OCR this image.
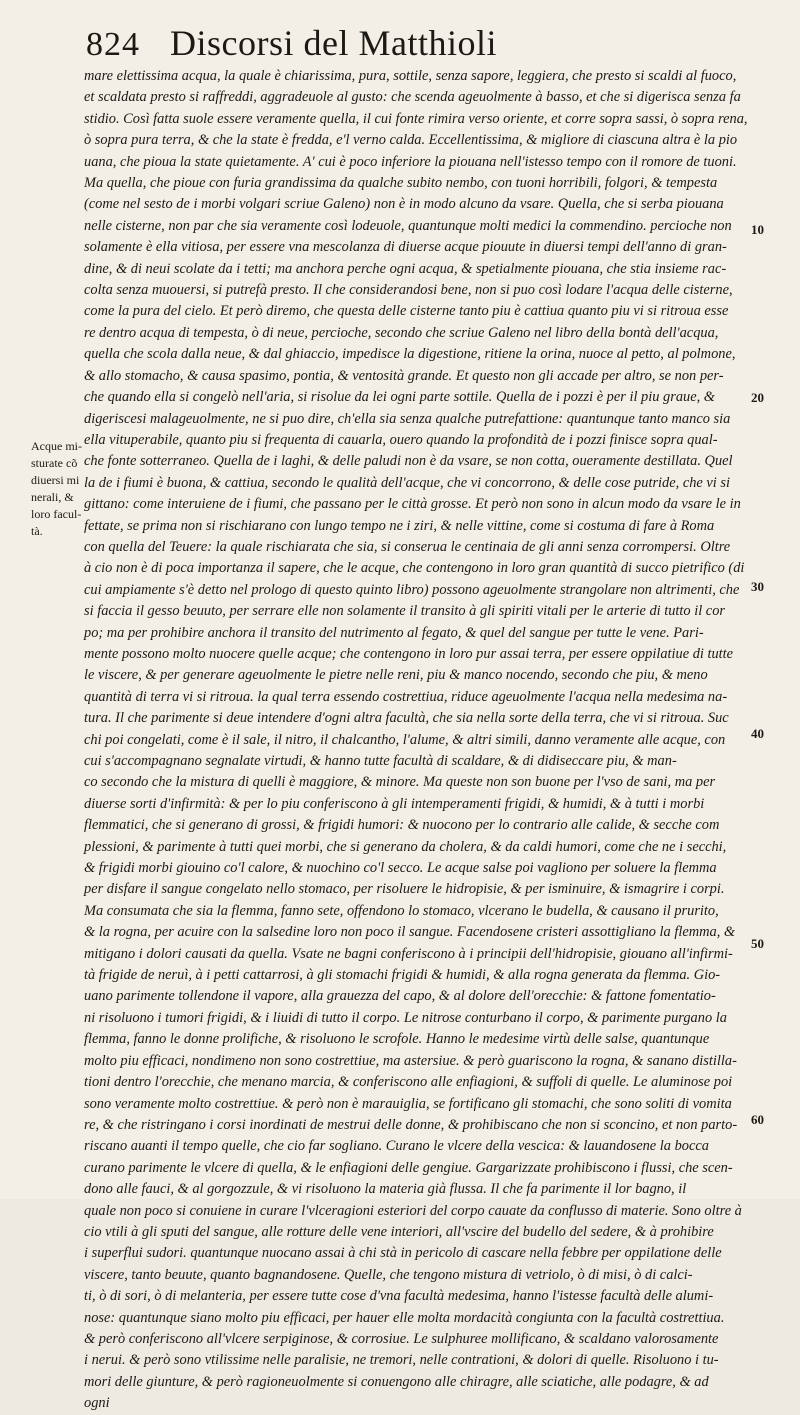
824 Discorsi del Matthioli
mare elettissima acqua, la quale è chiarissima, pura, sottile, senza sapore, leggiera, che presto si scaldi al fuoco,
et scaldata presto si raffreddi, aggradeuole al gusto: che scenda ageuolmente à basso, et che si digerisca senza fa
stidio. Così fatta suole essere veramente quella, il cui fonte rimira verso oriente, et corre sopra sassi, ò sopra rena,
ò sopra pura terra, & che la state è fredda, e'l verno calda. Eccellentissima, & migliore di ciascuna altra è la pio
uana, che pioua la state quietamente. A' cui è poco inferiore la piouana nell'istesso tempo con il romore de tuoni.
Ma quella, che pioue con furia grandissima da qualche subito nembo, con tuoni horribili, folgori, & tempesta
(come nel sesto de i morbi volgari scriue Galeno) non è in modo alcuno da vsare. Quella, che si serba piouana
nelle cisterne, non par che sia veramente così lodeuole, quantunque molti medici la commendino. percioche non
solamente è ella vitiosa, per essere vna mescolanza di diuerse acque piouute in diuersi tempi dell'anno di gran-
dine, & di neui scolate da i tetti; ma anchora perche ogni acqua, & spetialmente piouana, che stia insieme rac-
colta senza muouersi, si putrefà presto. Il che considerandosi bene, non si puo così lodare l'acqua delle cisterne,
come la pura del cielo. Et però diremo, che questa delle cisterne tanto piu è cattiua quanto piu vi si ritroua esse
re dentro acqua di tempesta, ò di neue, percioche, secondo che scriue Galeno nel libro della bontà dell'acqua,
quella che scola dalla neue, & dal ghiaccio, impedisce la digestione, ritiene la orina, nuoce al petto, al polmone,
& allo stomacho, & causa spasimo, pontia, & ventosità grande. Et questo non gli accade per altro, se non per-
che quando ella si congelò nell'aria, si risolue da lei ogni parte sottile. Quella de i pozzi è per il piu graue, &
digeriscesi malageuolmente, ne si puo dire, ch'ella sia senza qualche putrefattione: quantunque tanto manco sia
ella vituperabile, quanto piu si frequenta di cauarla, ouero quando la profondità de i pozzi finisce sopra qual-
che fonte sotterraneo. Quella de i laghi, & delle paludi non è da vsare, se non cotta, oueramente destillata. Quel
la de i fiumi è buona, & cattiua, secondo le qualità dell'acque, che vi concorrono, & delle cose putride, che vi si
gittano: come interuiene de i fiumi, che passano per le città grosse. Et però non sono in alcun modo da vsare le in
fettate, se prima non si rischiarano con lungo tempo ne i ziri, & nelle vittine, come si costuma di fare à Roma
con quella del Teuere: la quale rischiarata che sia, si conserua le centinaia de gli anni senza corrompersi. Oltre
à cio non è di poca importanza il sapere, che le acque, che contengono in loro gran quantità di succo pietrifico (di
cui ampiamente s'è detto nel prologo di questo quinto libro) possono ageuolmente strangolare non altrimenti, che
si faccia il gesso beuuto, per serrare elle non solamente il transito à gli spiriti vitali per le arterie di tutto il cor
po; ma per prohibire anchora il transito del nutrimento al fegato, & quel del sangue per tutte le vene. Pari-
mente possono molto nuocere quelle acque; che contengono in loro pur assai terra, per essere oppilatiue di tutte
le viscere, & per generare ageuolmente le pietre nelle reni, piu & manco nocendo, secondo che piu, & meno
quantità di terra vi si ritroua. la qual terra essendo costrettiua, riduce ageuolmente l'acqua nella medesima na-
tura. Il che parimente si deue intendere d'ogni altra facultà, che sia nella sorte della terra, che vi si ritroua. Suc
chi poi congelati, come è il sale, il nitro, il chalcantho, l'alume, & altri simili, danno veramente alle acque, con
cui s'accompagnano segnalate virtudi, & hanno tutte facultà di scaldare, & di didiseccare piu, & man-
co secondo che la mistura di quelli è maggiore, & minore. Ma queste non son buone per l'vso de sani, ma per
diuerse sorti d'infirmità: & per lo piu conferiscono à gli intemperamenti frigidi, & humidi, & à tutti i morbi
flemmatici, che si generano di grossi, & frigidi humori: & nuocono per lo contrario alle calide, & secche com
plessioni, & parimente à tutti quei morbi, che si generano da cholera, & da caldi humori, come che ne i secchi,
& frigidi morbi giouino co'l calore, & nuochino co'l secco. Le acque salse poi vagliono per soluere la flemma
per disfare il sangue congelato nello stomaco, per risoluere le hidropisie, & per isminuire, & ismagrire i corpi.
Ma consumata che sia la flemma, fanno sete, offendono lo stomaco, vlcerano le budella, & causano il prurito,
& la rogna, per acuire con la salsedine loro non poco il sangue. Facendosene cristeri assottigliano la flemma, &
mitigano i dolori causati da quella. Vsate ne bagni conferiscono à i principii dell'hidropisie, giouano all'infirmi-
tà frigide de neruì, à i petti cattarrosi, à gli stomachi frigidi & humidi, & alla rogna generata da flemma. Gio-
uano parimente tollendone il vapore, alla grauezza del capo, & al dolore dell'orecchie: & fattone fomentatio-
ni risoluono i tumori frigidi, & i liuidi di tutto il corpo. Le nitrose conturbano il corpo, & parimente purgano la
flemma, fanno le donne prolifiche, & risoluono le scrofole. Hanno le medesime virtù delle salse, quantunque
molto piu efficaci, nondimeno non sono costrettiue, ma astersiue. & però guariscono la rogna, & sanano distilla-
tioni dentro l'orecchie, che menano marcia, & conferiscono alle enfiagioni, & suffoli di quelle. Le aluminose poi
sono veramente molto costrettiue. & però non è marauiglia, se fortificano gli stomachi, che sono soliti di vomita
re, & che ristringano i corsi inordinati de mestrui delle donne, & prohibiscano che non si sconcino, et non parto-
riscano auanti il tempo quelle, che cio far sogliano. Curano le vlcere della vescica: & lauandosene la bocca
curano parimente le vlcere di quella, & le enfiagioni delle gengiue. Gargarizzate prohibiscono i flussi, che scen-
dono alle fauci, & al gorgozzule, & vi risoluono la materia già flussa. Il che fa parimente il lor bagno, il
quale non poco si conuiene in curare l'vlceragioni esteriori del corpo cauate da conflusso di materie. Sono oltre à
cio vtili à gli sputi del sangue, alle rotture delle vene interiori, all'vscire del budello del sedere, & à prohibire
i superflui sudori. quantunque nuocano assai à chi stà in pericolo di cascare nella febbre per oppilatione delle
viscere, tanto beuute, quanto bagnandosene. Quelle, che tengono mistura di vetriolo, ò di misi, ò di calci-
ti, ò di sori, ò di melanteria, per essere tutte cose d'vna facultà medesima, hanno l'istesse facultà delle alumi-
nose: quantunque siano molto piu efficaci, per hauer elle molta mordacità congiunta con la facultà costrettiua.
& però conferiscono all'vlcere serpiginose, & corrosiue. Le sulphuree mollificano, & scaldano valorosamente
i nerui. & però sono vtilissime nelle paralisie, ne tremori, nelle contrationi, & dolori di quelle. Risoluono i tu-
mori delle giunture, & però ragioneuolmente si conuengono alle chiragre, alle sciatiche, alle podagre, & ad
ogni
Acque mi-
sturate cõ
diuersi mi
nerali, &
loro facul-
tà.
10
20
30
40
50
60
